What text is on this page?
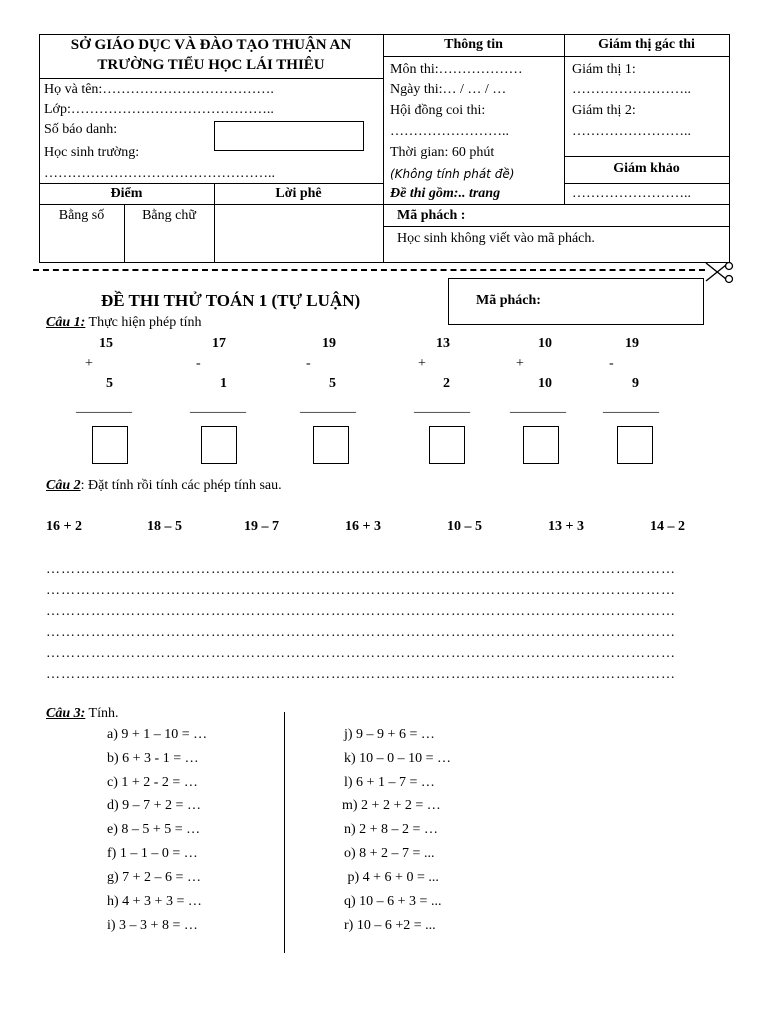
SỞ GIÁO DỤC VÀ ĐÀO TẠO THUẬN AN
TRƯỜNG TIỂU HỌC LÁI THIÊU
Họ và tên:……………………………….
Lớp:……………………………………..
Số báo danh:
Học sinh trường:
…………………………………………..
Thông tin
Môn thi:………………
Ngày thi:… / … / …
Hội đồng coi thi:
……………………..
Thời gian: 60 phút
(Không tính phát đề)
Đề thi gồm:.. trang
Giám thị gác thi
Giám thị 1:
……………………..
Giám thị 2:
……………………..
Giám khảo
……………………..
Điểm	Lời phê
Bằng số	Bằng chữ	Mã phách :
Học sinh không viết vào mã phách.
ĐỀ THI THỬ TOÁN 1 (TỰ LUẬN)	Mã phách:
Câu 1: Thực hiện phép tính
15
+
5
________
17
-
1
________
19
-
5
________
13
+
2
________
10
+
10
________
19
-
9
________
Câu 2: Đặt tính rồi tính các phép tính sau.
16 + 2	18 – 5	19 – 7	16 + 3	10 – 5	13 + 3	14 – 2
………………………………………………………………………………………………………………
………………………………………………………………………………………………………………
………………………………………………………………………………………………………………
………………………………………………………………………………………………………………
………………………………………………………………………………………………………………
………………………………………………………………………………………………………………
Câu 3: Tính.
a) 9 + 1 – 10 = …
b) 6 + 3 - 1 = …
c) 1 + 2 - 2 = …
d) 9 – 7 + 2 = …
e) 8 – 5 + 5 = …
f) 1 – 1 – 0 = …
g) 7 + 2 – 6 = …
h) 4 + 3 + 3 = …
i) 3 – 3 + 8 = …
j) 9 – 9 + 6 = …
k) 10 – 0 – 10 = …
l) 6 + 1 – 7 = …
m) 2 + 2 + 2 = …
n) 2 + 8 – 2 = …
o) 8 + 2 – 7 = ...
p) 4 + 6 + 0 = ...
q) 10 – 6 + 3 = ...
r) 10 – 6 +2 = ...
